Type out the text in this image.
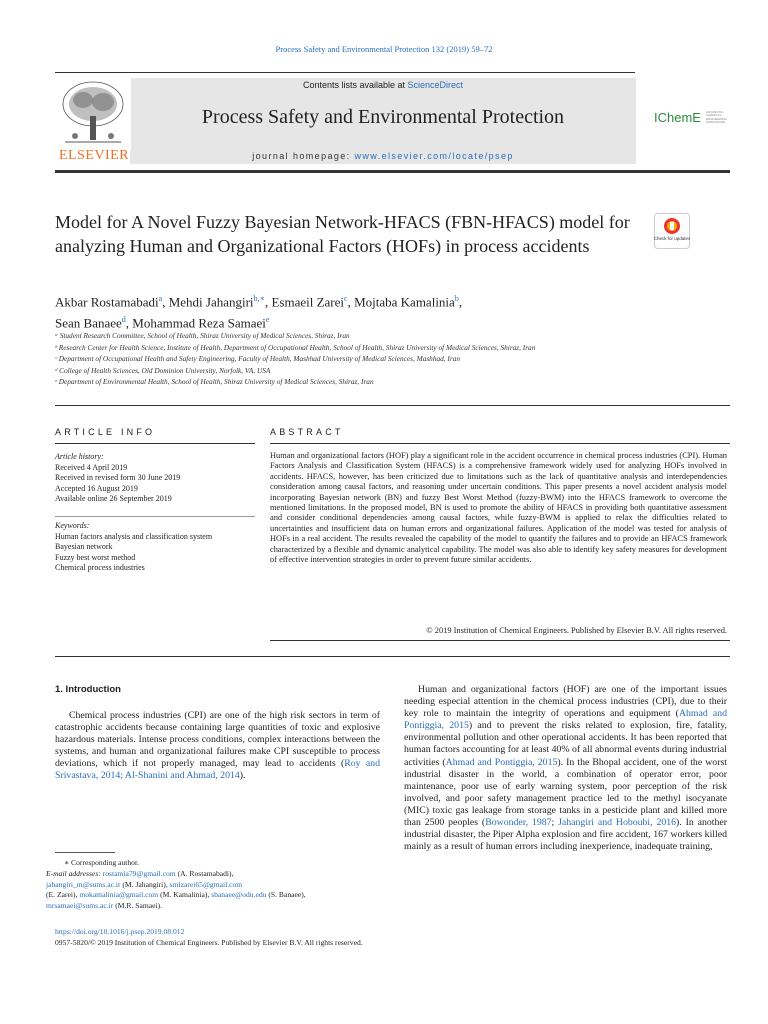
Process Safety and Environmental Protection 132 (2019) 59–72
ELSEVIER
Contents lists available at ScienceDirect
Process Safety and Environmental Protection
journal homepage: www.elsevier.com/locate/psep
IChemE ADVANCING CHEMICAL ENGINEERING WORLDWIDE
Model for A Novel Fuzzy Bayesian Network-HFACS (FBN-HFACS) model for analyzing Human and Organizational Factors (HOFs) in process accidents	Check for updates
Akbar Rostamabadi$^a$, Mehdi Jahangiri$^{b,∗}$, Esmaeil Zarei$^c$, Mojtaba Kamalinia$^b$,
Sean Banaee$^d$, Mohammad Reza Samaei$^e$
ᵃ Student Research Committee, School of Health, Shiraz University of Medical Sciences, Shiraz, Iran
ᵇ Research Center for Health Science, Institute of Health, Department of Occupational Health, School of Health, Shiraz University of Medical Sciences, Shiraz, Iran
ᶜ Department of Occupational Health and Safety Engineering, Faculty of Health, Mashhad University of Medical Sciences, Mashhad, Iran
ᵈ College of Health Sciences, Old Dominion University, Norfolk, VA, USA
ᵉ Department of Environmental Health, School of Health, Shiraz University of Medical Sciences, Shiraz, Iran
ARTICLE INFO
Article history:
Received 4 April 2019
Received in revised form 30 June 2019
Accepted 16 August 2019
Available online 26 September 2019
Keywords:
Human factors analysis and classification system
Bayesian network
Fuzzy best worst method
Chemical process industries
ABSTRACT
Human and organizational factors (HOF) play a significant role in the accident occurrence in chemical process industries (CPI). Human Factors Analysis and Classification System (HFACS) is a comprehensive framework widely used for analyzing HOFs involved in accidents. HFACS, however, has been criticized due to limitations such as the lack of quantitative analysis and interdependencies consideration among causal factors, and reasoning under uncertain conditions. This paper presents a novel accident analysis model incorporating Bayesian network (BN) and fuzzy Best Worst Method (fuzzy-BWM) into the HFACS framework to overcome the mentioned limitations. In the proposed model, BN is used to promote the ability of HFACS in providing both quantitative assessment and consider conditional dependencies among causal factors, while fuzzy-BWM is applied to relax the difficulties related to uncertainties and insufficient data on human errors and organizational failures. Application of the model was tested for analysis of HOFs in a real accident. The results revealed the capability of the model to quantify the failures and to provide an HFACS framework characterized by a flexible and dynamic analytical capability. The model was also able to identify key safety measures for development of effective intervention strategies in order to prevent future similar accidents.
© 2019 Institution of Chemical Engineers. Published by Elsevier B.V. All rights reserved.
1. Introduction
Chemical process industries (CPI) are one of the high risk sectors in term of catastrophic accidents because containing large quantities of toxic and explosive hazardous materials. Intense process conditions, complex interactions between the systems, and human and organizational failures make CPI susceptible to process deviations, which if not properly managed, may lead to accidents (Roy and Srivastava, 2014; Al-Shanini and Ahmad, 2014).
Human and organizational factors (HOF) are one of the important issues needing especial attention in the chemical process industries (CPI), due to their key role to maintain the integrity of operations and equipment (Ahmad and Pontiggia, 2015) and to prevent the risks related to explosion, fire, fatality, environmental pollution and other operational accidents. It has been reported that human factors accounting for at least 40% of all abnormal events during industrial activities (Ahmad and Pontiggia, 2015). In the Bhopal accident, one of the worst industrial disaster in the world, a combination of operator error, poor maintenance, poor use of early warning system, poor perception of the risk involved, and poor safety management practice led to the methyl isocyanate (MIC) toxic gas leakage from storage tanks in a pesticide plant and killed more than 2500 peoples (Bowonder, 1987; Jahangiri and Hoboubi, 2016). In another industrial disaster, the Piper Alpha explosion and fire accident, 167 workers killed mainly as a result of human errors including inexperience, inadequate training,
∗ Corresponding author.
E-mail addresses: rostamia79@gmail.com (A. Rostamabadi),
jahangiri_m@sums.ac.ir (M. Jahangiri), smlzarei65@gmail.com
(E. Zarei), mokamalinia@gmail.com (M. Kamalinia), sbanaee@odu.edu (S. Banaee),
mrsamaei@sums.ac.ir (M.R. Samaei).
https://doi.org/10.1016/j.psep.2019.08.012
0957-5820/© 2019 Institution of Chemical Engineers. Published by Elsevier B.V. All rights reserved.
